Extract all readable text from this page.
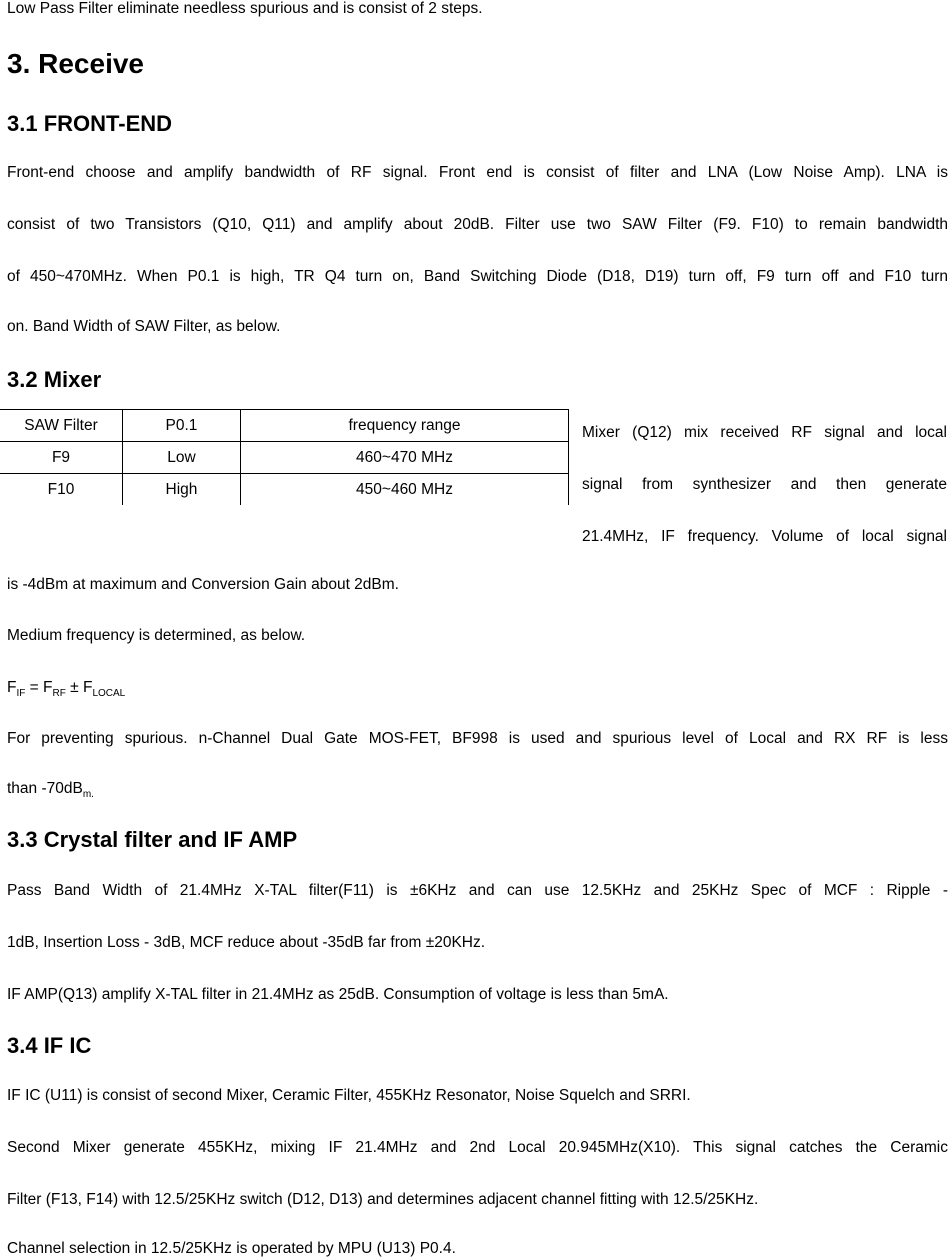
Low Pass Filter eliminate needless spurious and is consist of 2 steps.
3. Receive
3.1 FRONT-END
Front-end choose and amplify bandwidth of RF signal. Front end is consist of filter and LNA (Low Noise Amp). LNA is
consist of two Transistors (Q10, Q11) and amplify about 20dB. Filter use two SAW Filter (F9. F10) to remain bandwidth
of 450~470MHz. When P0.1 is high, TR Q4 turn on, Band Switching Diode (D18, D19) turn off, F9 turn off and F10 turn
on. Band Width of SAW Filter, as below.
3.2 Mixer
SAW Filter	P0.1	frequency range
F9	Low	460~470 MHz
F10	High	450~460 MHz
Mixer (Q12) mix received RF signal and local
signal from synthesizer and then generate
21.4MHz, IF frequency. Volume of local signal
is -4dBm at maximum and Conversion Gain about 2dBm.
Medium frequency is determined, as below.
$F_{IF} = F_{RF} \pm F_{LOCAL}$
For preventing spurious. n-Channel Dual Gate MOS-FET, BF998 is used and spurious level of Local and RX RF is less
than $-70dB_{m.}$
3.3 Crystal filter and IF AMP
Pass Band Width of 21.4MHz X-TAL filter(F11) is ±6KHz and can use 12.5KHz and 25KHz Spec of MCF : Ripple -
1dB, Insertion Loss - 3dB, MCF reduce about -35dB far from ±20KHz.
IF AMP(Q13) amplify X-TAL filter in 21.4MHz as 25dB. Consumption of voltage is less than 5mA.
3.4 IF IC
IF IC (U11) is consist of second Mixer, Ceramic Filter, 455KHz Resonator, Noise Squelch and SRRI.
Second Mixer generate 455KHz, mixing IF 21.4MHz and 2nd Local 20.945MHz(X10). This signal catches the Ceramic
Filter (F13, F14) with 12.5/25KHz switch (D12, D13) and determines adjacent channel fitting with 12.5/25KHz.
Channel selection in 12.5/25KHz is operated by MPU (U13) P0.4.
